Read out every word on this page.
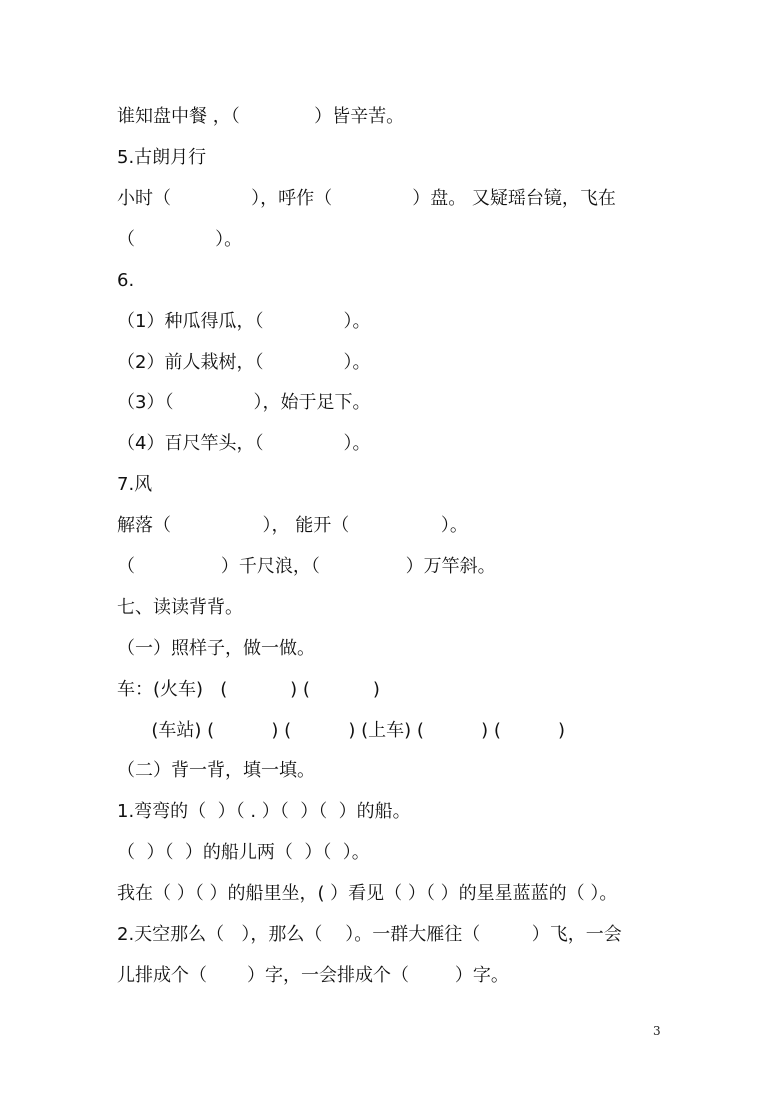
谁知盘中餐 ，（             ）皆辛苦。
5.古朗月行
小时（              ），呼作（              ）盘。 又疑瑶台镜，飞在
（              ）。
6.
（1）种瓜得瓜，（              ）。
（2）前人栽树，（              ）。
（3）（              ），始于足下。
（4）百尺竿头，（              ）。
7.风
解落（                ）， 能开（                ）。
（               ）千尺浪，（               ）万竿斜。
七、读读背背。
（一）照样子，做一做。
车：(火车)   (           ) (           )
(车站) (          ) (          ) (上车) (          ) (          )
（二）背一背，填一填。
1.弯弯的（  ）（ . ）（  ）（  ）的船。
（  ）（  ）的船儿两（  ）（  ）。
我在（ ）（ ）的船里坐，( ）看见（ ）（ ）的星星蓝蓝的（ ）。
2.天空那么（   ），那么（    ）。一群大雁往（         ）飞，一会
儿排成个（       ）字，一会排成个（        ）字。
3
